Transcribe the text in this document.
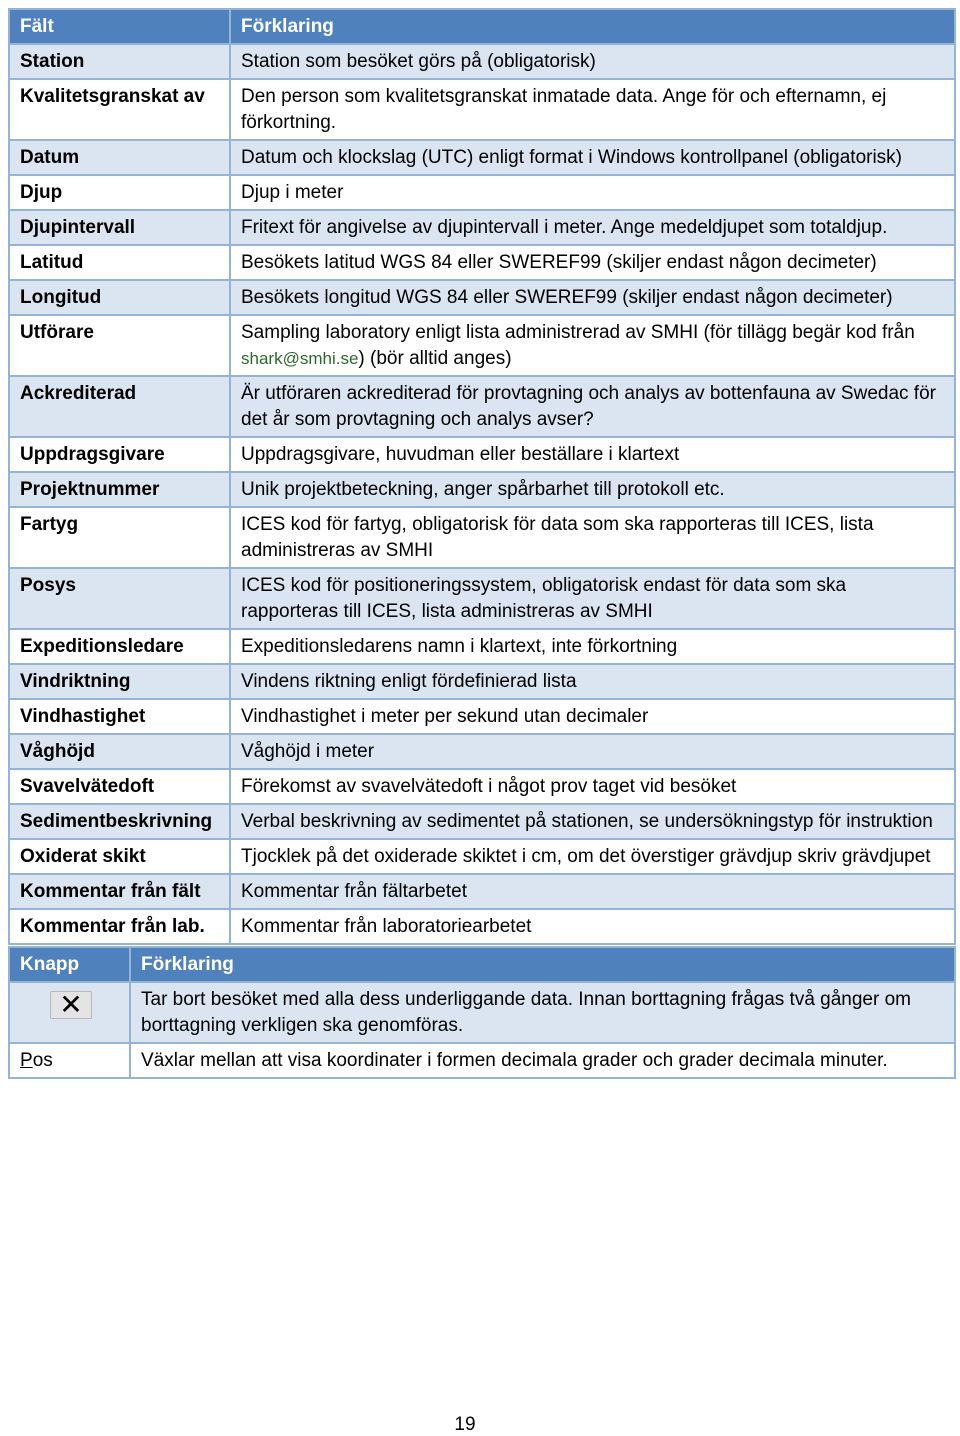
Fält	Förklaring
Station	Station som besöket görs på (obligatorisk)
Kvalitetsgranskat av	Den person som kvalitetsgranskat inmatade data. Ange för och efternamn, ej förkortning.
Datum	Datum och klockslag (UTC) enligt format i Windows kontrollpanel (obligatorisk)
Djup	Djup i meter
Djupintervall	Fritext för angivelse av djupintervall i meter. Ange medeldjupet som totaldjup.
Latitud	Besökets latitud WGS 84 eller SWEREF99 (skiljer endast någon decimeter)
Longitud	Besökets longitud WGS 84 eller SWEREF99 (skiljer endast någon decimeter)
Utförare	Sampling laboratory enligt lista administrerad av SMHI (för tillägg begär kod från shark@smhi.se) (bör alltid anges)
Ackrediterad	Är utföraren ackrediterad för provtagning och analys av bottenfauna av Swedac för det år som provtagning och analys avser?
Uppdragsgivare	Uppdragsgivare, huvudman eller beställare i klartext
Projektnummer	Unik projektbeteckning, anger spårbarhet till protokoll etc.
Fartyg	ICES kod för fartyg, obligatorisk för data som ska rapporteras till ICES, lista administreras av SMHI
Posys	ICES kod för positioneringssystem, obligatorisk endast för data som ska rapporteras till ICES, lista administreras av SMHI
Expeditionsledare	Expeditionsledarens namn i klartext, inte förkortning
Vindriktning	Vindens riktning enligt fördefinierad lista
Vindhastighet	Vindhastighet i meter per sekund utan decimaler
Våghöjd	Våghöjd i meter
Svavelvätedoft	Förekomst av svavelvätedoft i något prov taget vid besöket
Sedimentbeskrivning	Verbal beskrivning av sedimentet på stationen, se undersökningstyp för instruktion
Oxiderat skikt	Tjocklek på det oxiderade skiktet i cm, om det överstiger grävdjup skriv grävdjupet
Kommentar från fält	Kommentar från fältarbetet
Kommentar från lab.	Kommentar från laboratoriearbetet
Knapp	Förklaring
✕	Tar bort besöket med alla dess underliggande data. Innan borttagning frågas två gånger om borttagning verkligen ska genomföras.
Pos	Växlar mellan att visa koordinater i formen decimala grader och grader decimala minuter.
19
